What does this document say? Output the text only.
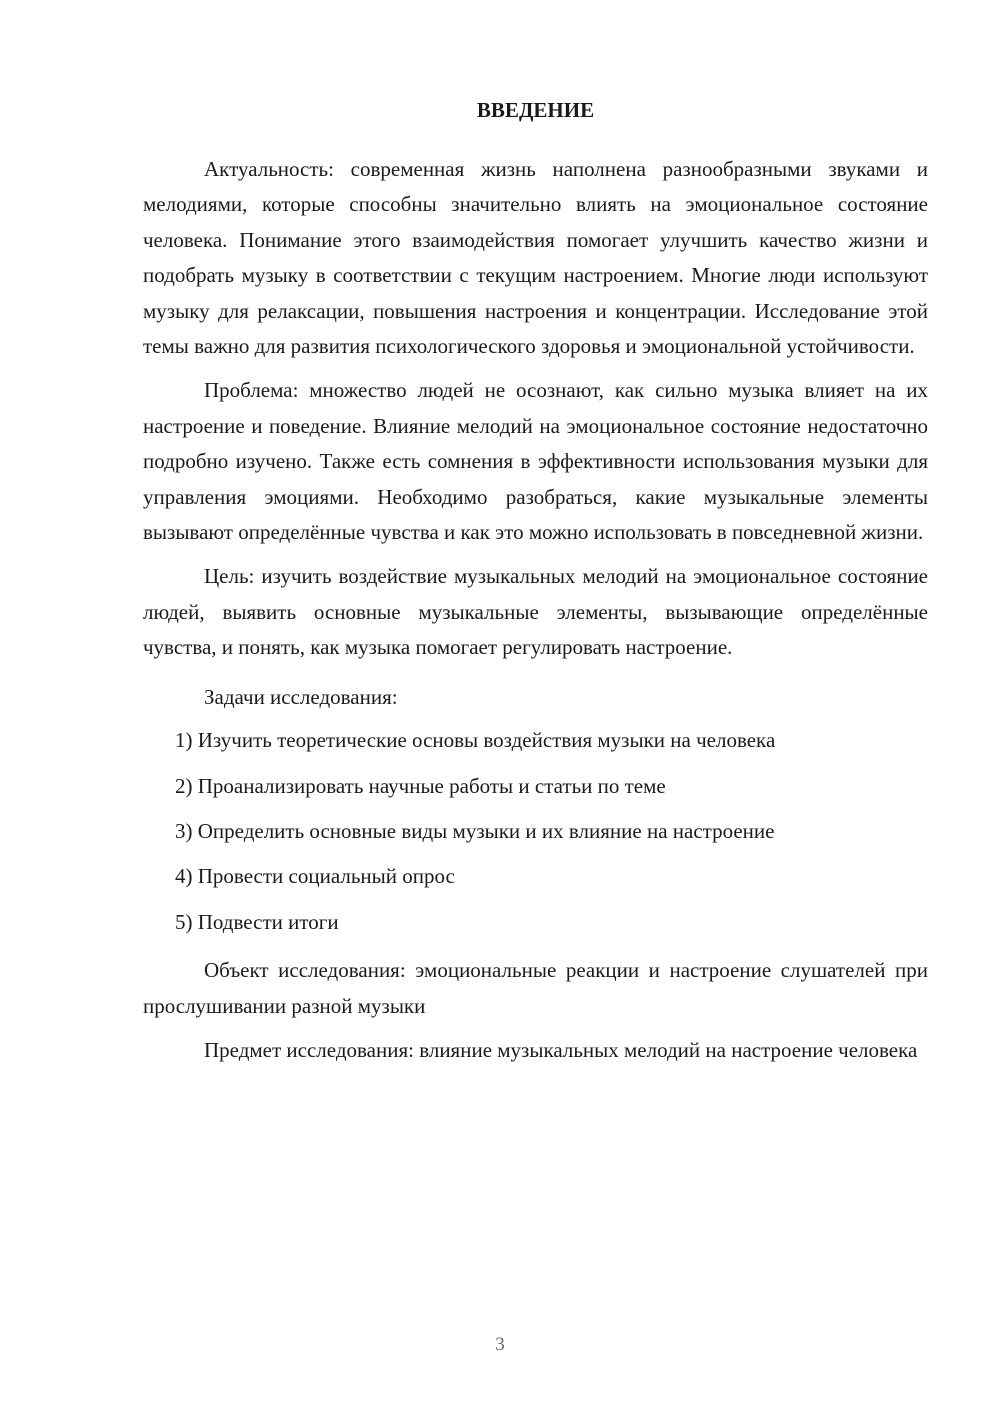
ВВЕДЕНИЕ

Актуальность: современная жизнь наполнена разнообразными звуками и мелодиями, которые способны значительно влиять на эмоциональное состояние человека. Понимание этого взаимодействия помогает улучшить качество жизни и подобрать музыку в соответствии с текущим настроением. Многие люди используют музыку для релаксации, повышения настроения и концентрации. Исследование этой темы важно для развития психологического здоровья и эмоциональной устойчивости.

Проблема: множество людей не осознают, как сильно музыка влияет на их настроение и поведение. Влияние мелодий на эмоциональное состояние недостаточно подробно изучено. Также есть сомнения в эффективности использования музыки для управления эмоциями. Необходимо разобраться, какие музыкальные элементы вызывают определённые чувства и как это можно использовать в повседневной жизни.

Цель: изучить воздействие музыкальных мелодий на эмоциональное состояние людей, выявить основные музыкальные элементы, вызывающие определённые чувства, и понять, как музыка помогает регулировать настроение.

Задачи исследования:

1) Изучить теоретические основы воздействия музыки на человека

2) Проанализировать научные работы и статьи по теме

3) Определить основные виды музыки и их влияние на настроение

4) Провести социальный опрос

5) Подвести итоги

Объект исследования: эмоциональные реакции и настроение слушателей при прослушивании разной музыки

Предмет исследования: влияние музыкальных мелодий на настроение человека

3
